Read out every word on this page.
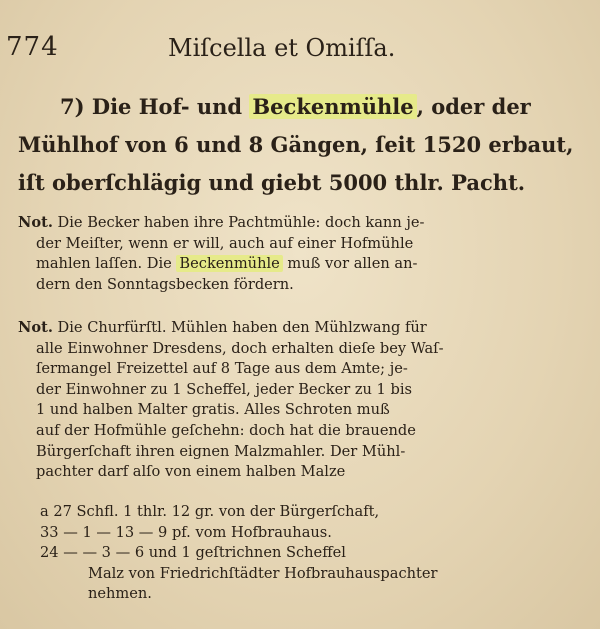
774	Miſcella et Omiſſa.
7) Die Hof- und Beckenmühle , oder der
Mühlhof von 6 und 8 Gängen, ſeit 1520 erbaut,
iſt oberſchlägig und giebt 5000 thlr. Pacht.
Not. Die Becker haben ihre Pachtmühle: doch kann je-
der Meiſter, wenn er will, auch auf einer Hofmühle
mahlen laſſen. Die Beckenmühle muß vor allen an-
dern den Sonntagsbecken fördern.
Not. Die Churfürſtl. Mühlen haben den Mühlzwang für
alle Einwohner Dresdens, doch erhalten dieſe bey Waſ-
ſermangel Freizettel auf 8 Tage aus dem Amte; je-
der Einwohner zu 1 Scheffel, jeder Becker zu 1 bis
1 und halben Malter gratis. Alles Schroten muß
auf der Hofmühle geſchehn: doch hat die brauende
Bürgerſchaft ihren eignen Malzmahler. Der Mühl-
pachter darf alſo von einem halben Malze
a 27 Schfl. 1 thlr. 12 gr. von der Bürgerſchaft,
33 — 1 — 13 — 9 pf. vom Hofbrauhaus.
24 — — 3 — 6 und 1 geſtrichnen Scheffel
Malz von Friedrichſtädter Hofbrauhauspachter
nehmen.
